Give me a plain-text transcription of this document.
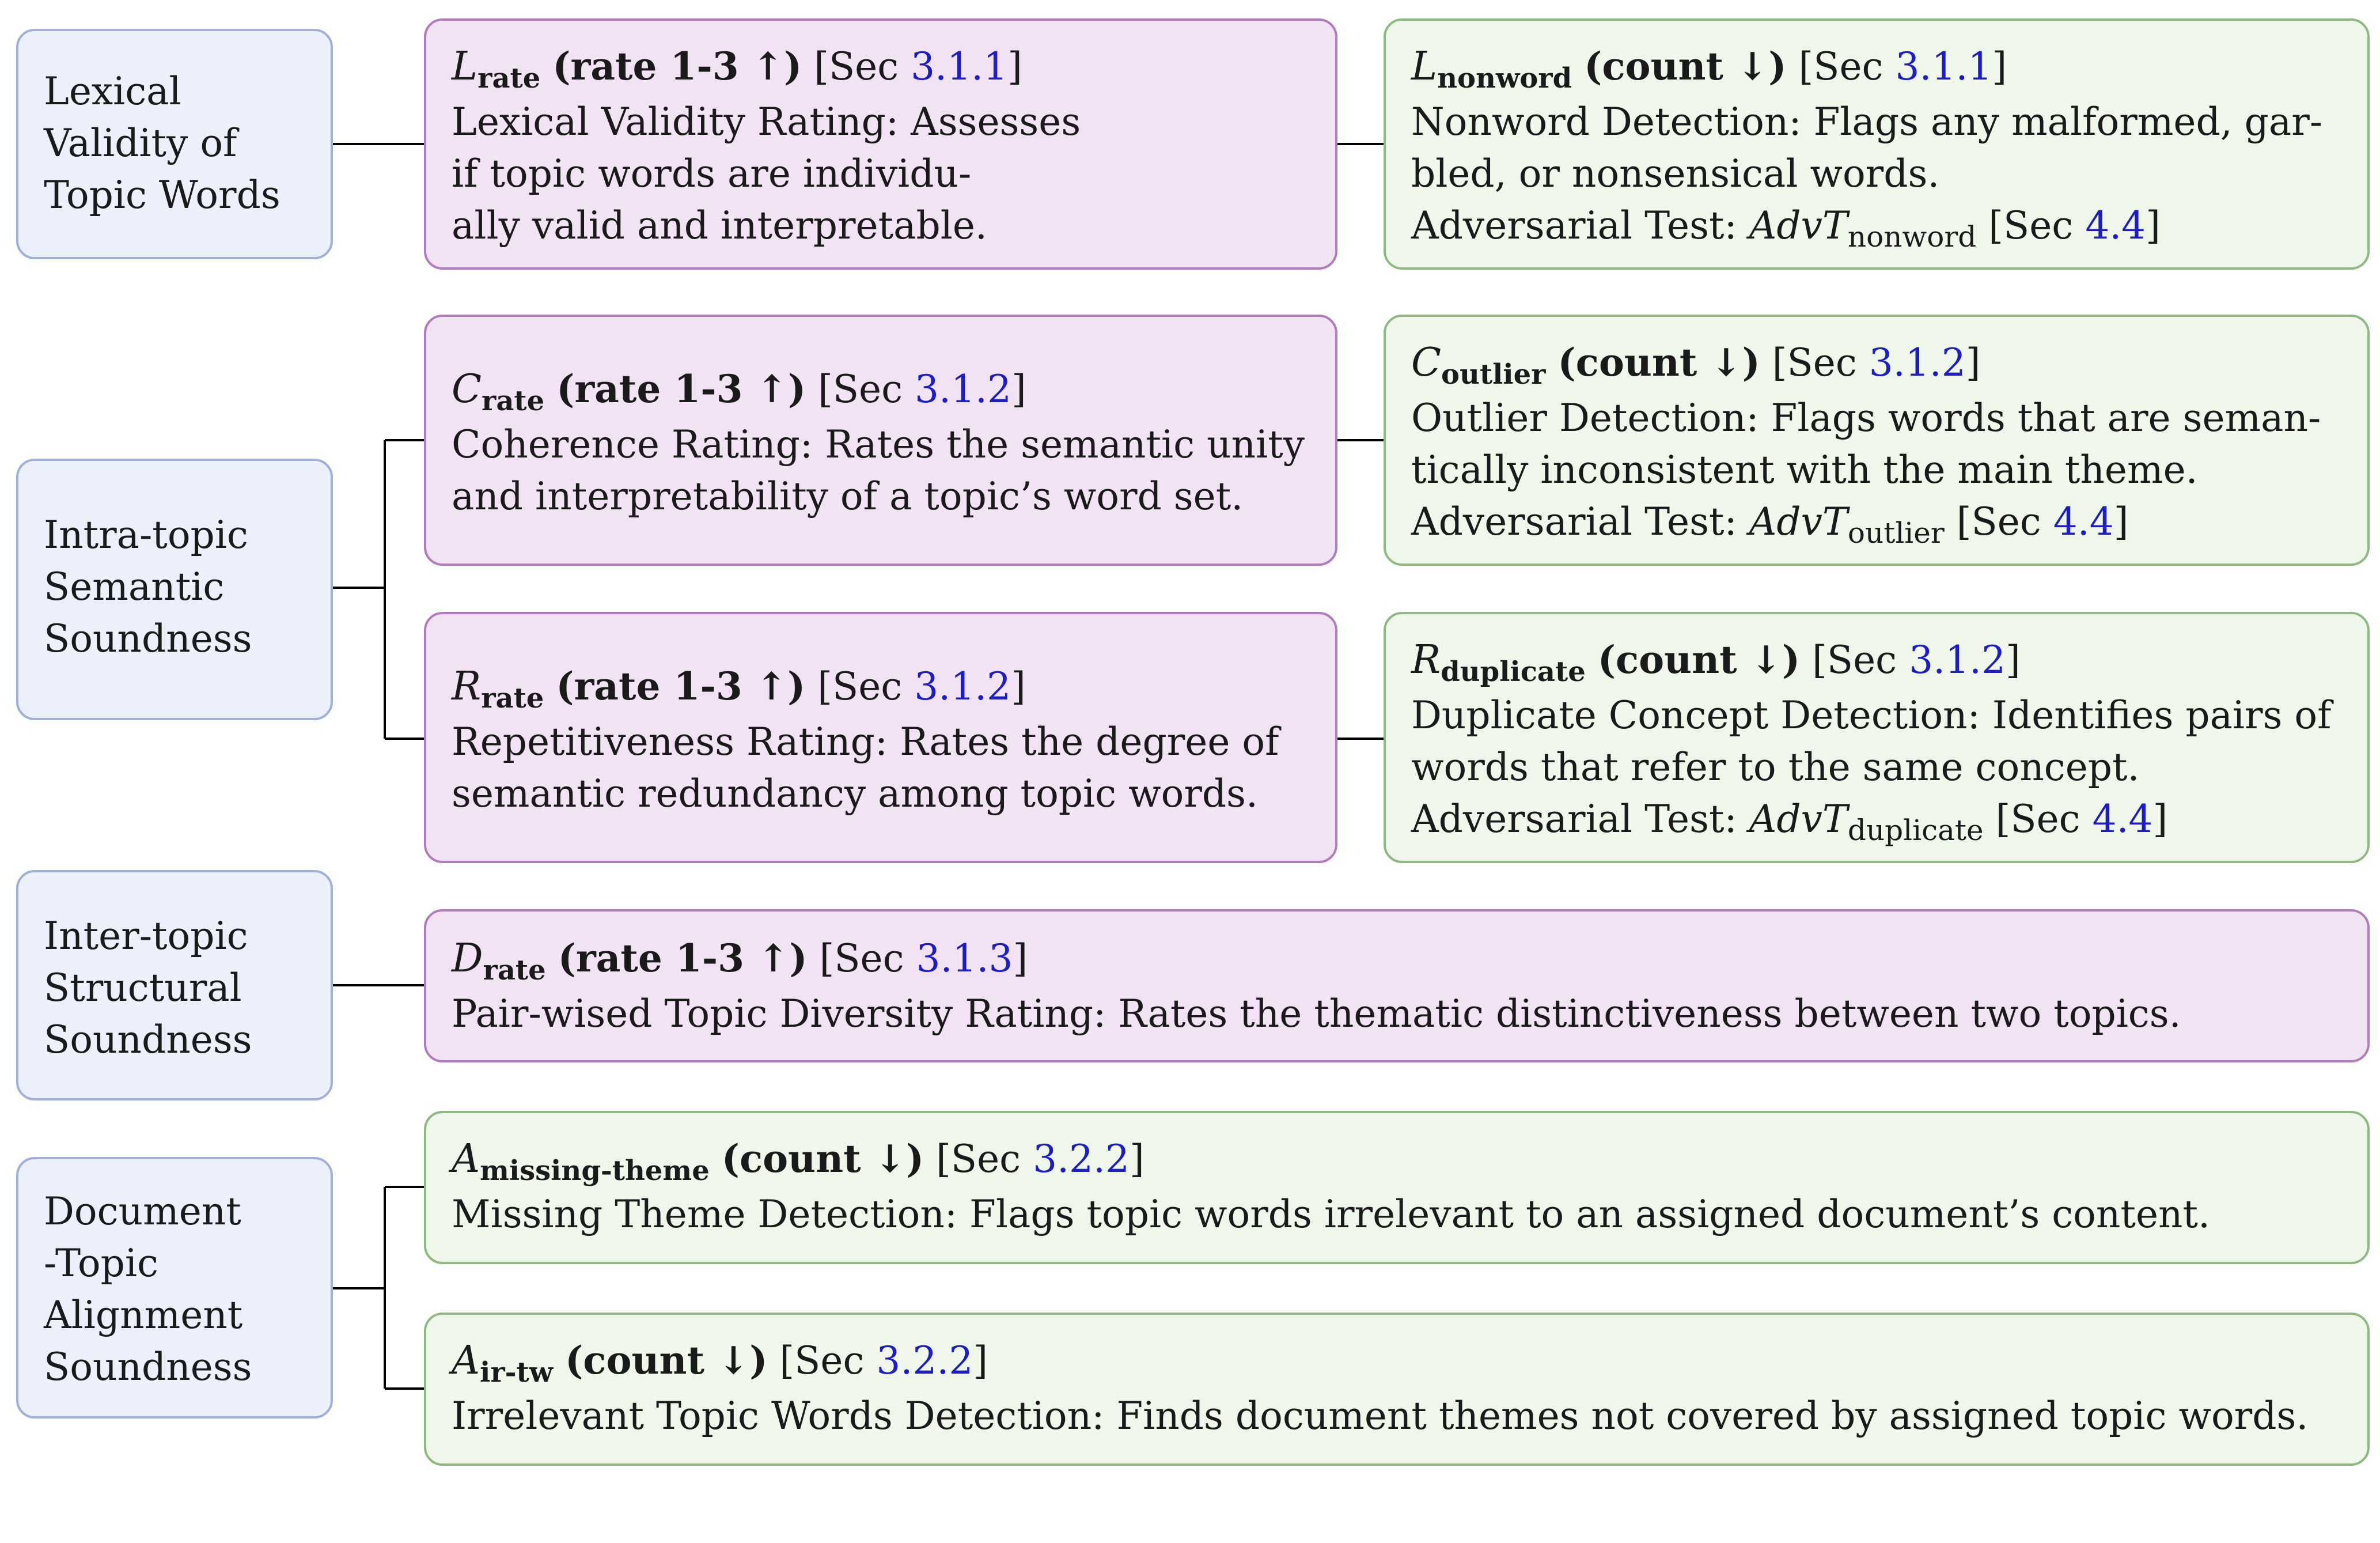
Lexical
Validity of
Topic Words
Intra-topic
Semantic
Soundness
Inter-topic
Structural
Soundness
Document
-Topic
Alignment
Soundness
$L_{rate}$ (rate 1-3 ↑) [Sec 3.1.1]
Lexical Validity Rating: Assesses
if topic words are individu-
ally valid and interpretable.
$C_{rate}$ (rate 1-3 ↑) [Sec 3.1.2]
Coherence Rating: Rates the semantic unity
and interpretability of a topic’s word set.
$R_{rate}$ (rate 1-3 ↑) [Sec 3.1.2]
Repetitiveness Rating: Rates the degree of
semantic redundancy among topic words.
$D_{rate}$ (rate 1-3 ↑) [Sec 3.1.3]
Pair-wised Topic Diversity Rating: Rates the thematic distinctiveness between two topics.
$L_{nonword}$ (count ↓) [Sec 3.1.1]
Nonword Detection: Flags any malformed, gar-
bled, or nonsensical words.
Adversarial Test: AdvT$_{nonword}$ [Sec 4.4]
$C_{outlier}$ (count ↓) [Sec 3.1.2]
Outlier Detection: Flags words that are seman-
tically inconsistent with the main theme.
Adversarial Test: AdvT$_{outlier}$ [Sec 4.4]
$R_{duplicate}$ (count ↓) [Sec 3.1.2]
Duplicate Concept Detection: Identifies pairs of
words that refer to the same concept.
Adversarial Test: AdvT$_{duplicate}$ [Sec 4.4]
$A_{missing-theme}$ (count ↓) [Sec 3.2.2]
Missing Theme Detection: Flags topic words irrelevant to an assigned document’s content.
$A_{ir-tw}$ (count ↓) [Sec 3.2.2]
Irrelevant Topic Words Detection: Finds document themes not covered by assigned topic words.
